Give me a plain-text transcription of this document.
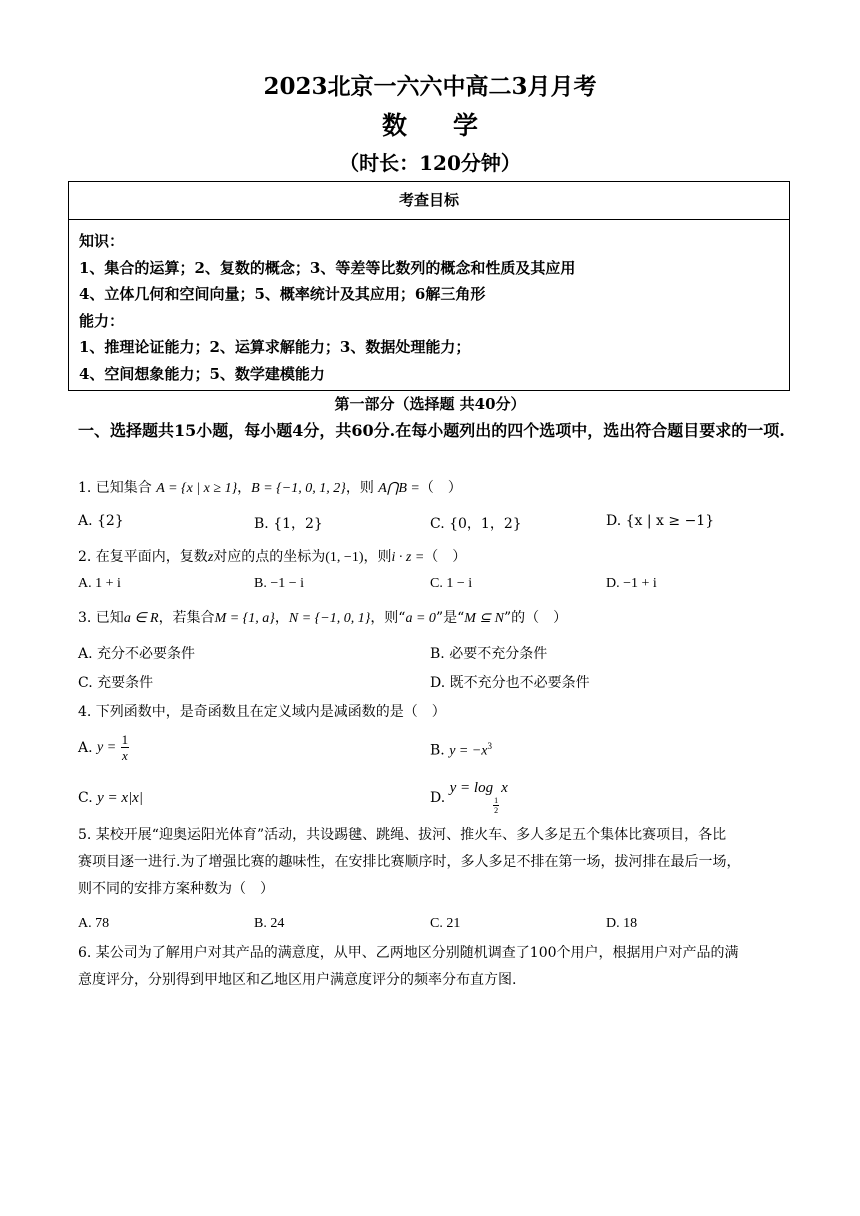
2023北京一六六中高二3月月考
数 学
（时长：120分钟）
考查目标
知识：
1、集合的运算；2、复数的概念；3、等差等比数列的概念和性质及其应用
4、立体几何和空间向量；5、概率统计及其应用；6解三角形
能力：
1、推理论证能力；2、运算求解能力；3、数据处理能力；
4、空间想象能力；5、数学建模能力
第一部分（选择题 共40分）
一、选择题共15小题，每小题4分，共60分.在每小题列出的四个选项中，选出符合题目要求的一项.
1. 已知集合 A = {x | x ≥ 1}，B = {−1, 0, 1, 2}，则 A⋂B =（　）
A. {2}	B. {1，2}	C. {0，1，2}	D. {x | x ≥ −1}
2. 在复平面内，复数z对应的点的坐标为(1, −1)，则i · z =（　）
A. 1 + i	B. −1 − i	C. 1 − i	D. −1 + i
3. 已知a ∈ R，若集合M = {1, a}，N = {−1, 0, 1}，则“a = 0”是“M ⊆ N”的（　）
A. 充分不必要条件	B. 必要不充分条件
C. 充要条件	D. 既不充分也不必要条件
4. 下列函数中，是奇函数且在定义域内是减函数的是（　）
A. $y = \frac{1}{x}$	B. $y = -x^3$
C. y = x|x|	D. y = log
$\frac{1}{2}$
x
5. 某校开展“迎奥运阳光体育”活动，共设踢毽、跳绳、拔河、推火车、多人多足五个集体比赛项目，各比
赛项目逐一进行.为了增强比赛的趣味性，在安排比赛顺序时，多人多足不排在第一场，拔河排在最后一场，
则不同的安排方案种数为（　）
A. 78	B. 24	C. 21	D. 18
6. 某公司为了解用户对其产品的满意度，从甲、乙两地区分别随机调查了100个用户，根据用户对产品的满
意度评分，分别得到甲地区和乙地区用户满意度评分的频率分布直方图.
